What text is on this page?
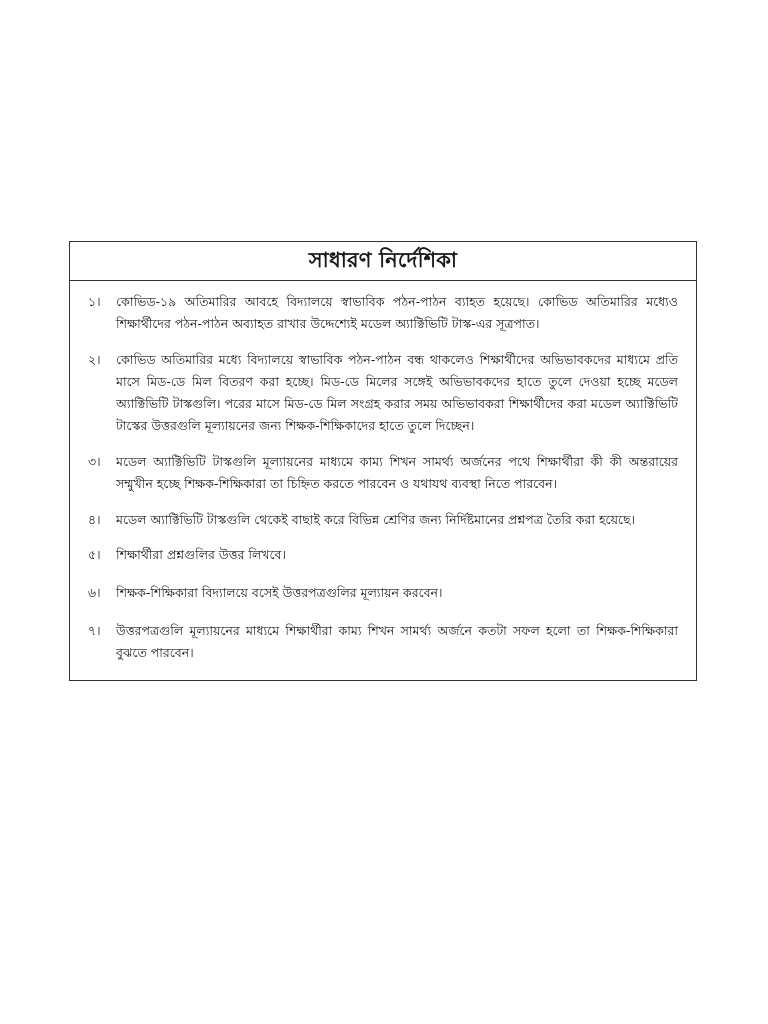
সাধারণ নির্দেশিকা
১।	কোভিড-১৯ অতিমারির আবহে বিদ্যালয়ে স্বাভাবিক পঠন-পাঠন ব্যাহত হয়েছে। কোভিড অতিমারির মধ্যেও শিক্ষার্থীদের পঠন-পাঠন অব্যাহত রাখার উদ্দেশ্যেই মডেল অ্যাক্টিভিটি টাস্ক-এর সূত্রপাত।
২।	কোভিড অতিমারির মধ্যে বিদ্যালয়ে স্বাভাবিক পঠন-পাঠন বন্ধ থাকলেও শিক্ষার্থীদের অভিভাবকদের মাধ্যমে প্রতি মাসে মিড-ডে মিল বিতরণ করা হচ্ছে। মিড-ডে মিলের সঙ্গেই অভিভাবকদের হাতে তুলে দেওয়া হচ্ছে মডেল অ্যাক্টিভিটি টাস্কগুলি। পরের মাসে মিড-ডে মিল সংগ্রহ করার সময় অভিভাবকরা শিক্ষার্থীদের করা মডেল অ্যাক্টিভিটি টাস্কের উত্তরগুলি মূল্যায়নের জন্য শিক্ষক-শিক্ষিকাদের হাতে তুলে দিচ্ছেন।
৩।	মডেল অ্যাক্টিভিটি টাস্কগুলি মূল্যায়নের মাধ্যমে কাম্য শিখন সামর্থ্য অর্জনের পথে শিক্ষার্থীরা কী কী অন্তরায়ের সম্মুখীন হচ্ছে শিক্ষক-শিক্ষিকারা তা চিহ্নিত করতে পারবেন ও যথাযথ ব্যবস্থা নিতে পারবেন।
৪।	মডেল অ্যাক্টিভিটি টাস্কগুলি থেকেই বাছাই করে বিভিন্ন শ্রেণির জন্য নির্দিষ্টমানের প্রশ্নপত্র তৈরি করা হয়েছে।
৫।	শিক্ষার্থীরা প্রশ্নগুলির উত্তর লিখবে।
৬।	শিক্ষক-শিক্ষিকারা বিদ্যালয়ে বসেই উত্তরপত্রগুলির মূল্যায়ন করবেন।
৭।	উত্তরপত্রগুলি মূল্যায়নের মাধ্যমে শিক্ষার্থীরা কাম্য শিখন সামর্থ্য অর্জনে কতটা সফল হলো তা শিক্ষক-শিক্ষিকারা বুঝতে পারবেন।
